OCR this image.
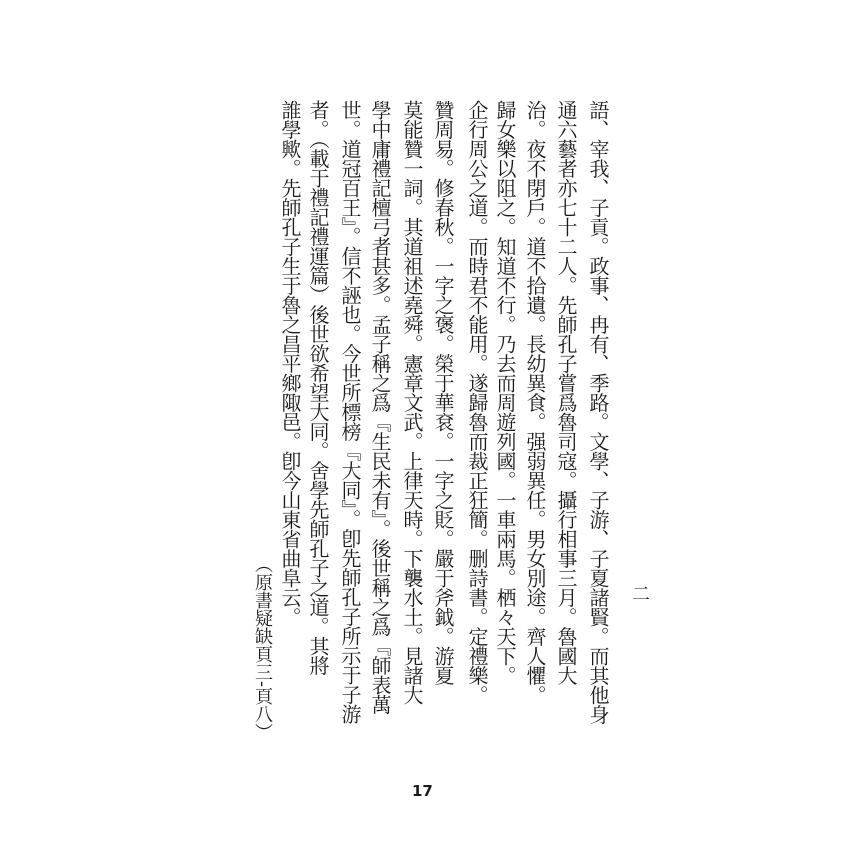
語、宰我、子貢。政事、冉有、季路。文學、子游、子夏諸賢。而其他身
通六藝者亦七十二人。先師孔子嘗爲魯司寇。攝行相事三月。魯國大
治。夜不閉戶。道不拾遺。長幼異食。强弱異任。男女別途。齊人懼。
歸女樂以阻之。知道不行。乃去而周遊列國。一車兩馬。栖々天下。
企行周公之道。而時君不能用。遂歸魯而裁正狂簡。删詩書。定禮樂。
贊周易。修春秋。一字之褒。榮于華袞。一字之貶。嚴于斧鉞。游夏
莫能贊一詞。其道祖述堯舜。憲章文武。上律天時。下襲水土。見諸大
學中庸禮記檀弓者甚多。孟子稱之爲『生民未有』。後世稱之爲『師表萬
世。道冠百王』。信不誣也。今世所標榜『大同』。卽先師孔子所示于子游
者。（載于禮記禮運篇）後世欲希望大同。舍學先師孔子之道。其將
誰學歟。先師孔子生于魯之昌平鄉陬邑。卽今山東省曲阜云。
（原書疑缺頁三-頁八）	二
17
